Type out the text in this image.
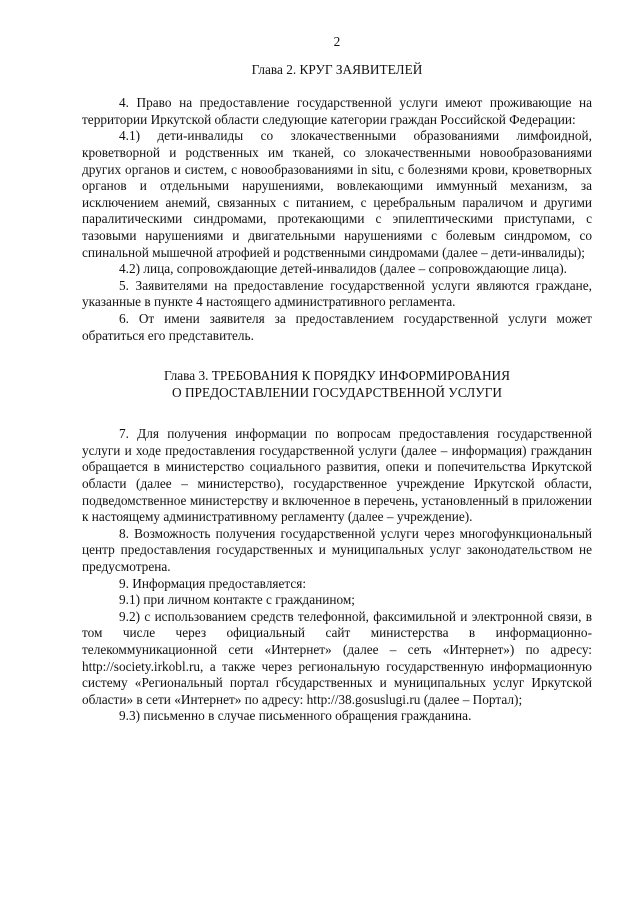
2
Глава 2. КРУГ ЗАЯВИТЕЛЕЙ

4. Право на предоставление государственной услуги имеют проживающие на территории Иркутской области следующие категории граждан Российской Федерации:

4.1) дети-инвалиды со злокачественными образованиями лимфоидной, кроветворной и родственных им тканей, со злокачественными новообразованиями других органов и систем, с новообразованиями in situ, с болезнями крови, кроветворных органов и отдельными нарушениями, вовлекающими иммунный механизм, за исключением анемий, связанных с питанием, с церебральным параличом и другими паралитическими синдромами, протекающими с эпилептическими приступами, с тазовыми нарушениями и двигательными нарушениями с болевым синдромом, со спинальной мышечной атрофией и родственными синдромами (далее – дети-инвалиды);

4.2) лица, сопровождающие детей-инвалидов (далее – сопровождающие лица).

5. Заявителями на предоставление государственной услуги являются граждане, указанные в пункте 4 настоящего административного регламента.

6. От имени заявителя за предоставлением государственной услуги может обратиться его представитель.

Глава 3. ТРЕБОВАНИЯ К ПОРЯДКУ ИНФОРМИРОВАНИЯ
О ПРЕДОСТАВЛЕНИИ ГОСУДАРСТВЕННОЙ УСЛУГИ

7. Для получения информации по вопросам предоставления государственной услуги и ходе предоставления государственной услуги (далее – информация) гражданин обращается в министерство социального развития, опеки и попечительства Иркутской области (далее – министерство), государственное учреждение Иркутской области, подведомственное министерству и включенное в перечень, установленный в приложении к настоящему административному регламенту (далее – учреждение).

8. Возможность получения государственной услуги через многофункциональный центр предоставления государственных и муниципальных услуг законодательством не предусмотрена.

9. Информация предоставляется:

9.1) при личном контакте с гражданином;

9.2) с использованием средств телефонной, факсимильной и электронной связи, в том числе через официальный сайт министерства в информационно-телекоммуникационной сети «Интернет» (далее – сеть «Интернет») по адресу: http://society.irkobl.ru, а также через региональную государственную информационную систему «Региональный портал гбсударственных и муниципальных услуг Иркутской области» в сети «Интернет» по адресу: http://38.gosuslugi.ru (далее – Портал);

9.3) письменно в случае письменного обращения гражданина.
